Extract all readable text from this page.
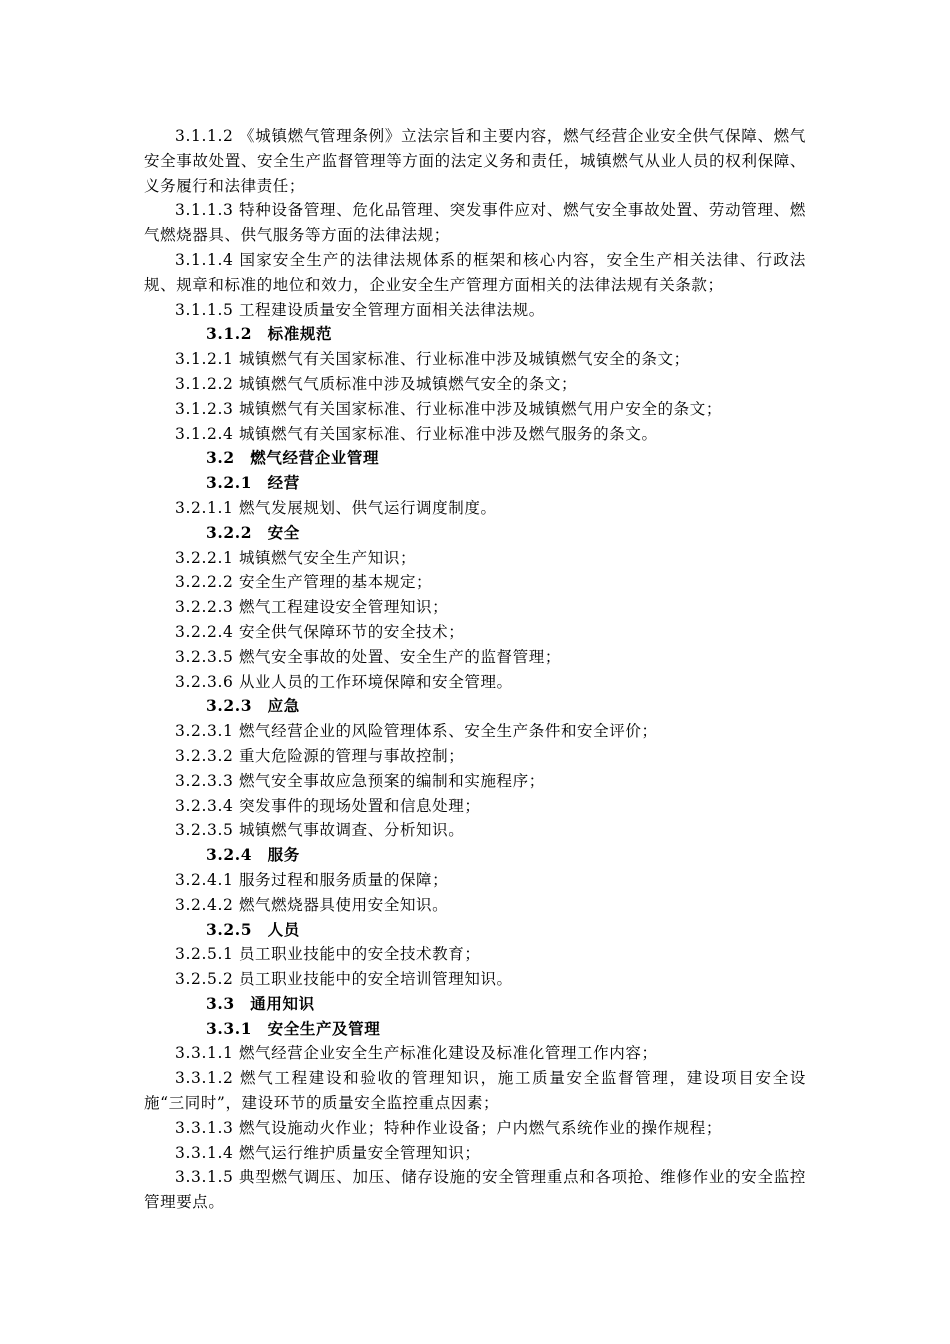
3.1.1.2 《城镇燃气管理条例》立法宗旨和主要内容，燃气经营企业安全供气保障、燃气安全事故处置、安全生产监督管理等方面的法定义务和责任，城镇燃气从业人员的权利保障、义务履行和法律责任；

3.1.1.3 特种设备管理、危化品管理、突发事件应对、燃气安全事故处置、劳动管理、燃气燃烧器具、供气服务等方面的法律法规；

3.1.1.4 国家安全生产的法律法规体系的框架和核心内容，安全生产相关法律、行政法规、规章和标准的地位和效力，企业安全生产管理方面相关的法律法规有关条款；

3.1.1.5 工程建设质量安全管理方面相关法律法规。

3.1.2 标准规范

3.1.2.1 城镇燃气有关国家标准、行业标准中涉及城镇燃气安全的条文；

3.1.2.2 城镇燃气气质标准中涉及城镇燃气安全的条文；

3.1.2.3 城镇燃气有关国家标准、行业标准中涉及城镇燃气用户安全的条文；

3.1.2.4 城镇燃气有关国家标准、行业标准中涉及燃气服务的条文。

3.2 燃气经营企业管理

3.2.1 经营

3.2.1.1 燃气发展规划、供气运行调度制度。

3.2.2 安全

3.2.2.1 城镇燃气安全生产知识；

3.2.2.2 安全生产管理的基本规定；

3.2.2.3 燃气工程建设安全管理知识；

3.2.2.4 安全供气保障环节的安全技术；

3.2.3.5 燃气安全事故的处置、安全生产的监督管理；

3.2.3.6 从业人员的工作环境保障和安全管理。

3.2.3 应急

3.2.3.1 燃气经营企业的风险管理体系、安全生产条件和安全评价；

3.2.3.2 重大危险源的管理与事故控制；

3.2.3.3 燃气安全事故应急预案的编制和实施程序；

3.2.3.4 突发事件的现场处置和信息处理；

3.2.3.5 城镇燃气事故调查、分析知识。

3.2.4 服务

3.2.4.1 服务过程和服务质量的保障；

3.2.4.2 燃气燃烧器具使用安全知识。

3.2.5 人员

3.2.5.1 员工职业技能中的安全技术教育；

3.2.5.2 员工职业技能中的安全培训管理知识。

3.3 通用知识

3.3.1 安全生产及管理

3.3.1.1 燃气经营企业安全生产标准化建设及标准化管理工作内容；

3.3.1.2 燃气工程建设和验收的管理知识，施工质量安全监督管理，建设项目安全设施“三同时”，建设环节的质量安全监控重点因素；

3.3.1.3 燃气设施动火作业；特种作业设备；户内燃气系统作业的操作规程；

3.3.1.4 燃气运行维护质量安全管理知识；

3.3.1.5 典型燃气调压、加压、储存设施的安全管理重点和各项抢、维修作业的安全监控管理要点。
